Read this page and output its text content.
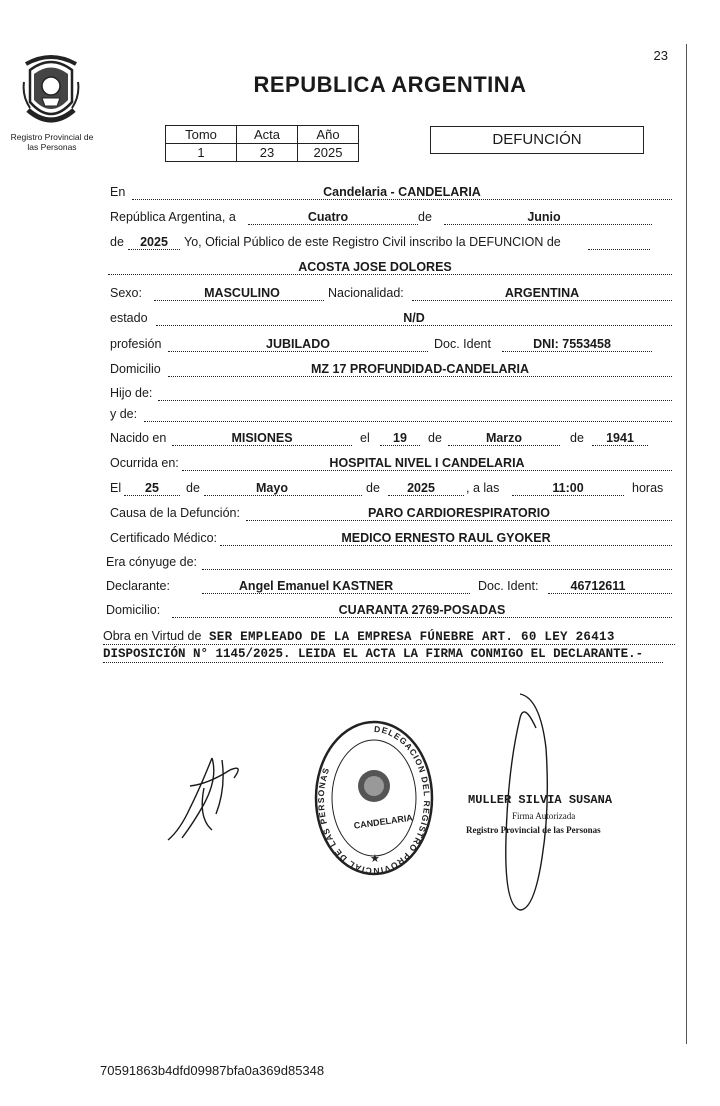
23
Registro Provincial de
las Personas
REPUBLICA ARGENTINA
Tomo	Acta	Año
1	23	2025
DEFUNCIÓN
En	Candelaria - CANDELARIA
República Argentina, a	Cuatro	de	Junio
de	2025	Yo, Oficial Público de este Registro Civil inscribo la DEFUNCION de
ACOSTA JOSE DOLORES
Sexo:	MASCULINO	Nacionalidad:	ARGENTINA
estado	N/D
profesión	JUBILADO	Doc. Ident	DNI: 7553458
Domicilio	MZ 17 PROFUNDIDAD-CANDELARIA
Hijo de:
y de:
Nacido en	MISIONES	el	19	de	Marzo	de	1941
Ocurrida en:	HOSPITAL NIVEL I CANDELARIA
El	25	de	Mayo	de	2025	, a las	11:00	horas
Causa de la Defunción:	PARO CARDIORESPIRATORIO
Certificado Médico:	MEDICO ERNESTO RAUL GYOKER
Era cónyuge de:
Declarante:	Angel Emanuel KASTNER	Doc. Ident:	46712611
Domicilio:	CUARANTA 2769-POSADAS
Obra en Virtud de SER EMPLEADO DE LA EMPRESA FÚNEBRE ART. 60 LEY 26413
DISPOSICIÓN N° 1145/2025. LEIDA EL ACTA LA FIRMA CONMIGO EL DECLARANTE.-
DELEGACION DEL REGISTRO PROVINCIAL DE LAS PERSONAS
CANDELARIA
★
MULLER SILVIA SUSANA
Firma Autorizada
Registro Provincial de las Personas
70591863b4dfd09987bfa0a369d85348
